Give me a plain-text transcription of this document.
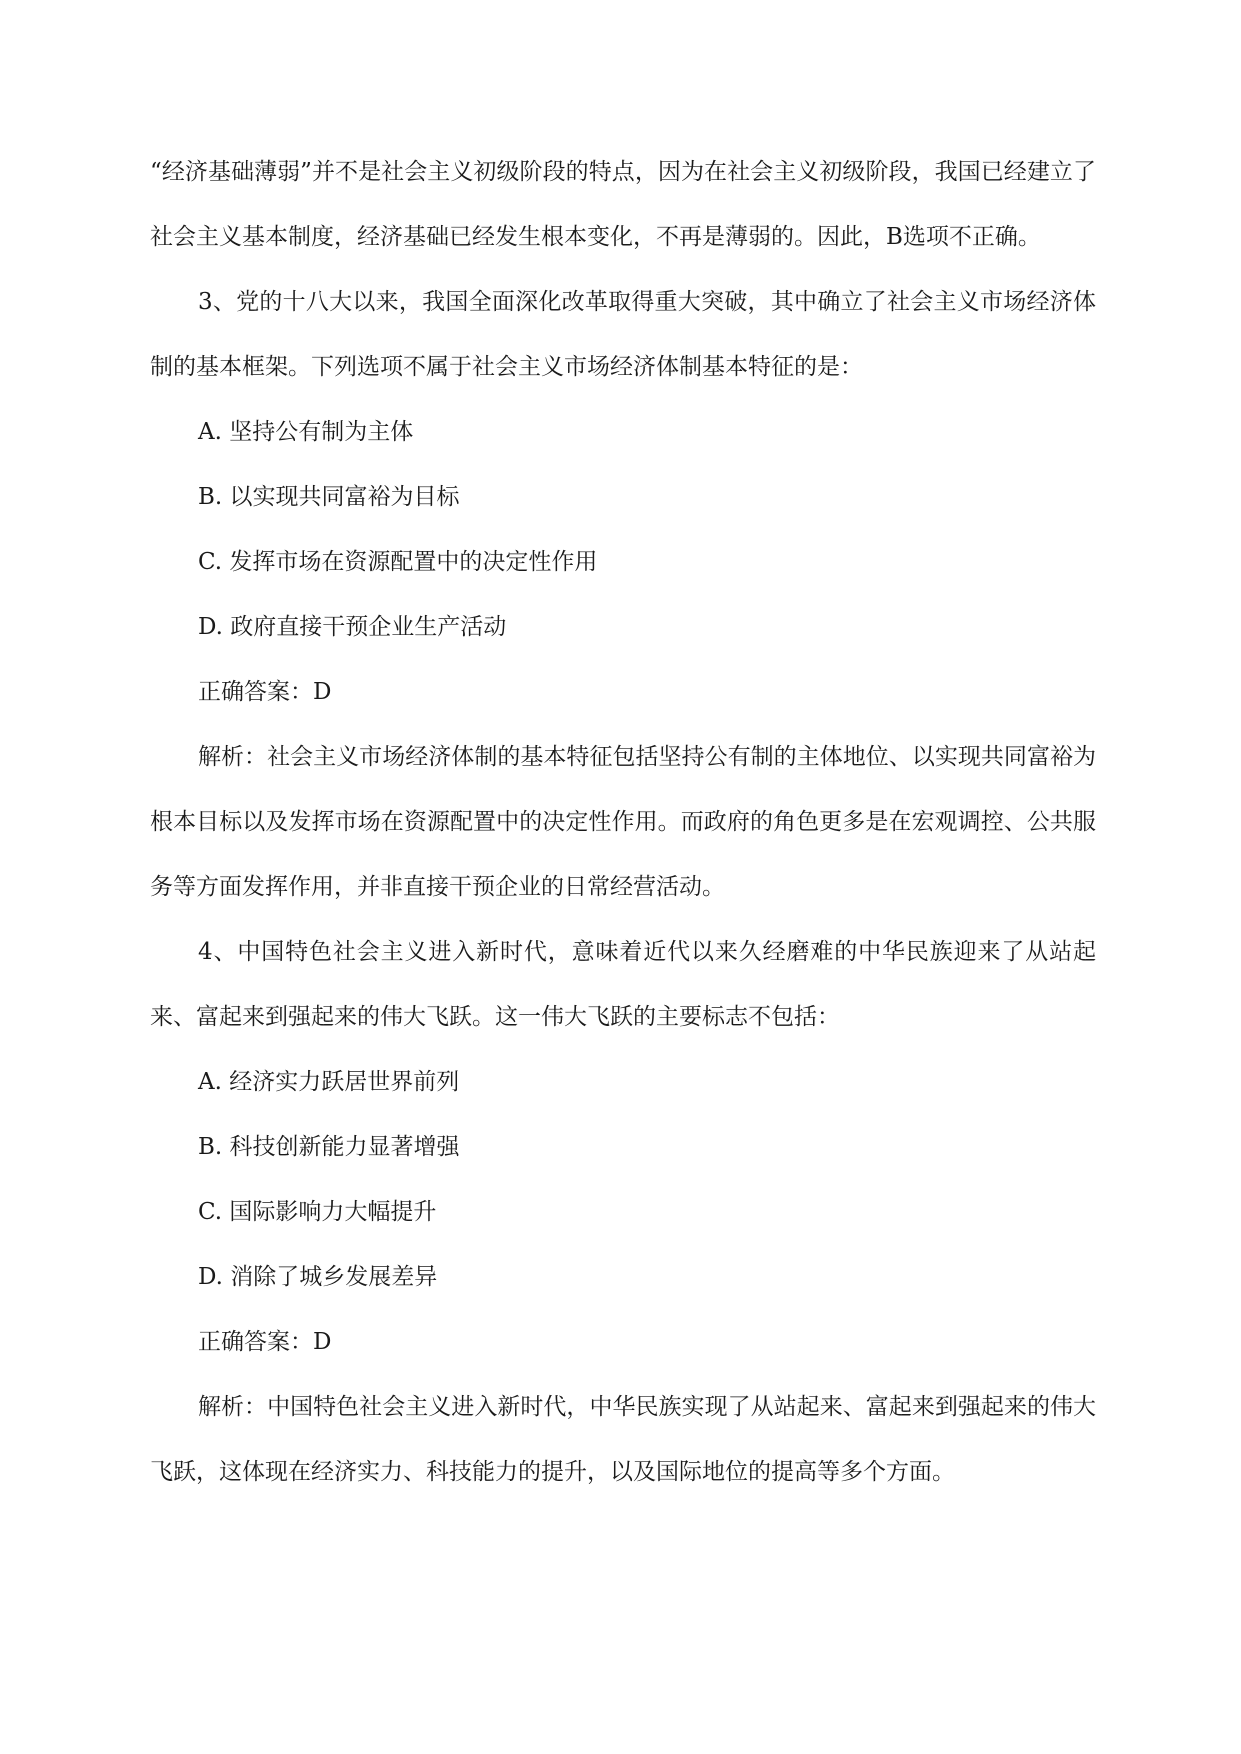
“经济基础薄弱”并不是社会主义初级阶段的特点，因为在社会主义初级阶段，我国已经建立了社会主义基本制度，经济基础已经发生根本变化，不再是薄弱的。因此，B选项不正确。

3、党的十八大以来，我国全面深化改革取得重大突破，其中确立了社会主义市场经济体制的基本框架。下列选项不属于社会主义市场经济体制基本特征的是：

A. 坚持公有制为主体
B. 以实现共同富裕为目标
C. 发挥市场在资源配置中的决定性作用
D. 政府直接干预企业生产活动
正确答案：D

解析：社会主义市场经济体制的基本特征包括坚持公有制的主体地位、以实现共同富裕为根本目标以及发挥市场在资源配置中的决定性作用。而政府的角色更多是在宏观调控、公共服务等方面发挥作用，并非直接干预企业的日常经营活动。

4、中国特色社会主义进入新时代，意味着近代以来久经磨难的中华民族迎来了从站起来、富起来到强起来的伟大飞跃。这一伟大飞跃的主要标志不包括：

A. 经济实力跃居世界前列
B. 科技创新能力显著增强
C. 国际影响力大幅提升
D. 消除了城乡发展差异
正确答案：D

解析：中国特色社会主义进入新时代，中华民族实现了从站起来、富起来到强起来的伟大飞跃，这体现在经济实力、科技能力的提升，以及国际地位的提高等多个方面。
